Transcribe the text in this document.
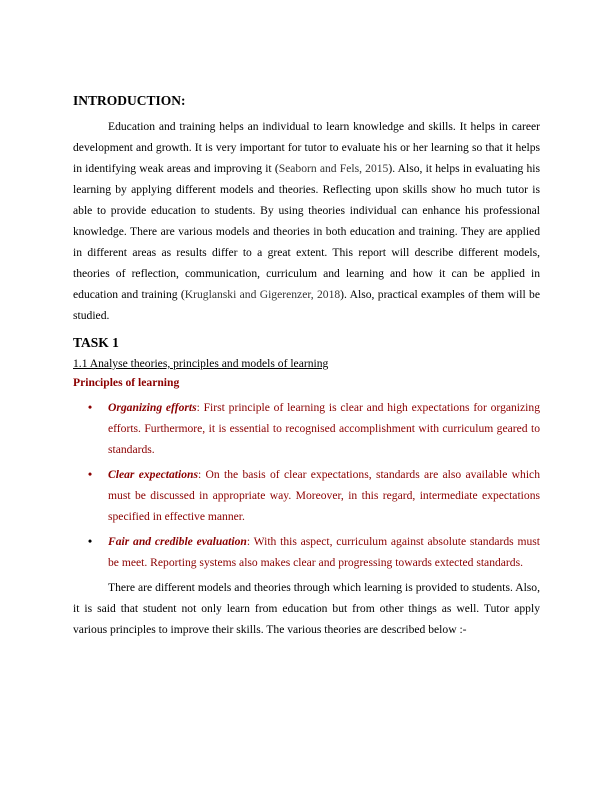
INTRODUCTION:

Education and training helps an individual to learn knowledge and skills. It helps in career development and growth. It is very important for tutor to evaluate his or her learning so that it helps in identifying weak areas and improving it (Seaborn and Fels, 2015). Also, it helps in evaluating his learning by applying different models and theories. Reflecting upon skills show ho much tutor is able to provide education to students. By using theories individual can enhance his professional knowledge. There are various models and theories in both education and training. They are applied in different areas as results differ to a great extent. This report will describe different models, theories of reflection, communication, curriculum and learning and how it can be applied in education and training (Kruglanski and Gigerenzer, 2018). Also, practical examples of them will be studied.

TASK 1

1.1 Analyse theories, principles and models of learning

Principles of learning

• Organizing efforts: First principle of learning is clear and high expectations for organizing efforts. Furthermore, it is essential to recognised accomplishment with curriculum geared to standards.
• Clear expectations: On the basis of clear expectations, standards are also available which must be discussed in appropriate way. Moreover, in this regard, intermediate expectations specified in effective manner.
• Fair and credible evaluation: With this aspect, curriculum against absolute standards must be meet. Reporting systems also makes clear and progressing towards extected standards.

There are different models and theories through which learning is provided to students. Also, it is said that student not only learn from education but from other things as well. Tutor apply various principles to improve their skills. The various theories are described below :-
